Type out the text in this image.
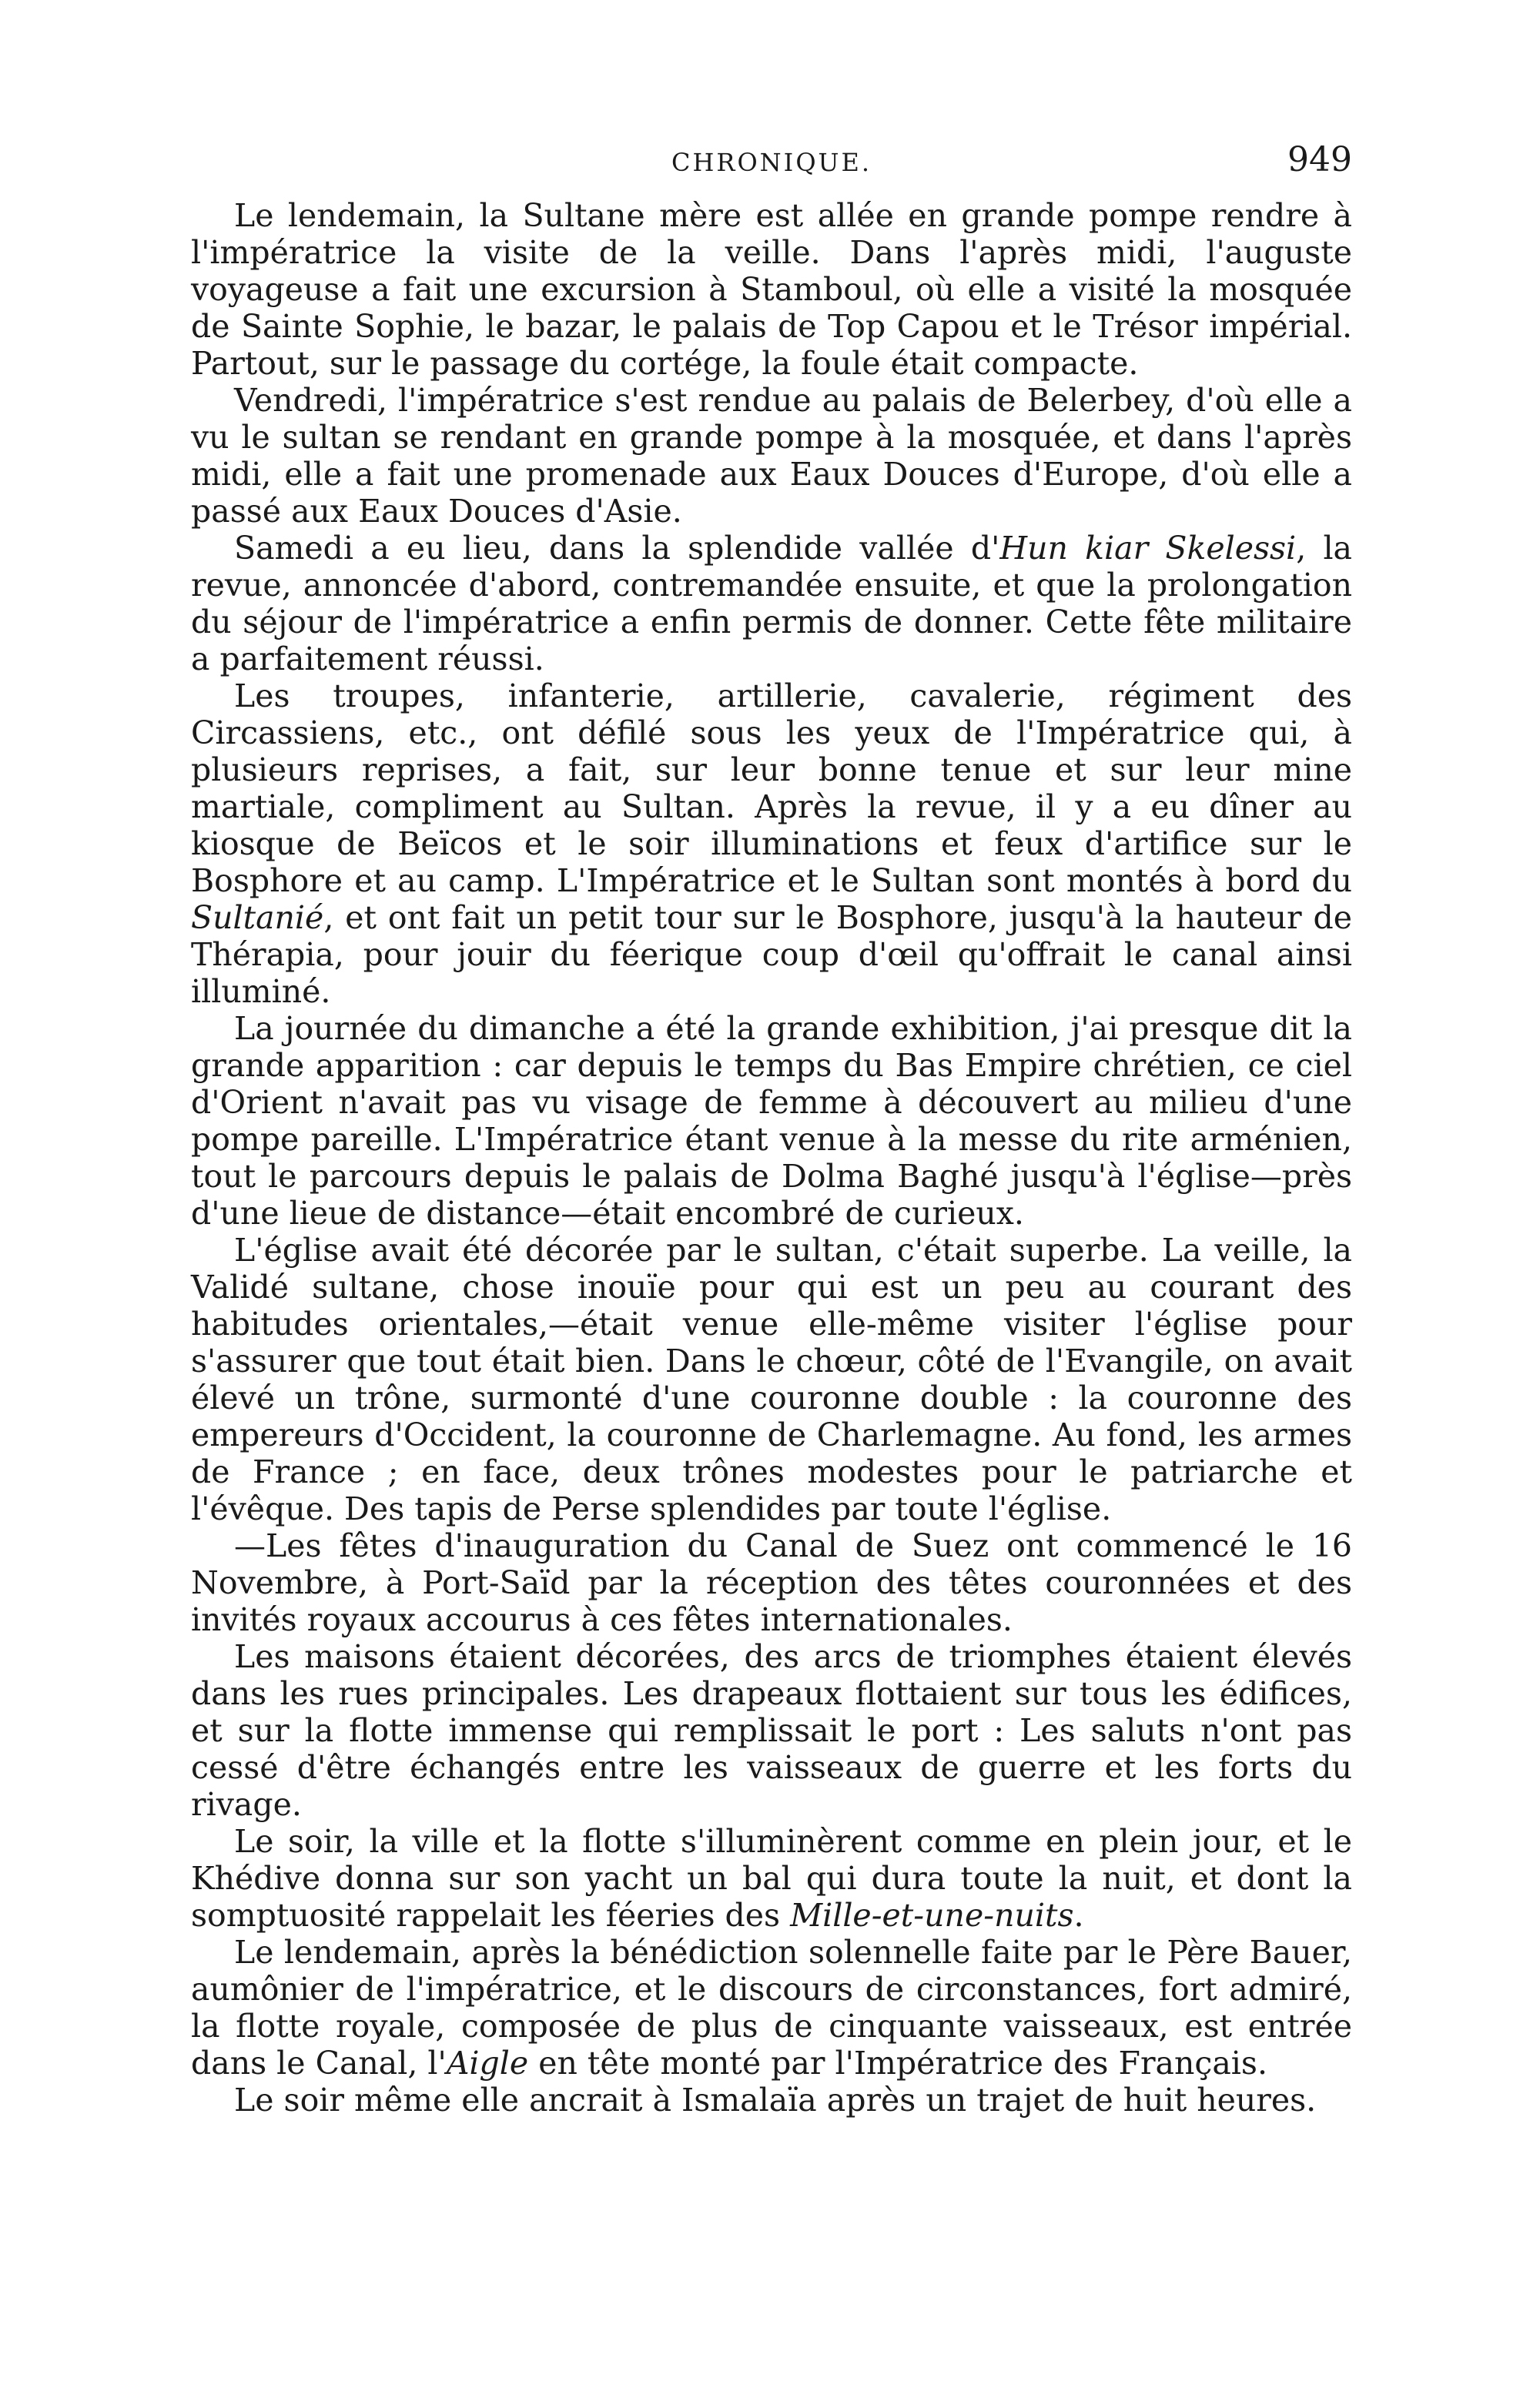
CHRONIQUE.	949

Le lendemain, la Sultane mère est allée en grande pompe rendre à l'impératrice la visite de la veille. Dans l'après midi, l'auguste voyageuse a fait une excursion à Stamboul, où elle a visité la mosquée de Sainte Sophie, le bazar, le palais de Top Capou et le Trésor impérial. Partout, sur le passage du cortége, la foule était compacte.

Vendredi, l'impératrice s'est rendue au palais de Belerbey, d'où elle a vu le sultan se rendant en grande pompe à la mosquée, et dans l'après midi, elle a fait une promenade aux Eaux Douces d'Europe, d'où elle a passé aux Eaux Douces d'Asie.

Samedi a eu lieu, dans la splendide vallée d'Hun kiar Skelessi, la revue, annoncée d'abord, contremandée ensuite, et que la prolongation du séjour de l'impératrice a enfin permis de donner. Cette fête militaire a parfaitement réussi.

Les troupes, infanterie, artillerie, cavalerie, régiment des Circassiens, etc., ont défilé sous les yeux de l'Impératrice qui, à plusieurs reprises, a fait, sur leur bonne tenue et sur leur mine martiale, compliment au Sultan. Après la revue, il y a eu dîner au kiosque de Beïcos et le soir illuminations et feux d'artifice sur le Bosphore et au camp. L'Impératrice et le Sultan sont montés à bord du Sultanié, et ont fait un petit tour sur le Bosphore, jusqu'à la hauteur de Thérapia, pour jouir du féerique coup d'œil qu'offrait le canal ainsi illuminé.

La journée du dimanche a été la grande exhibition, j'ai presque dit la grande apparition : car depuis le temps du Bas Empire chrétien, ce ciel d'Orient n'avait pas vu visage de femme à découvert au milieu d'une pompe pareille. L'Impératrice étant venue à la messe du rite arménien, tout le parcours depuis le palais de Dolma Baghé jusqu'à l'église—près d'une lieue de distance—était encombré de curieux.

L'église avait été décorée par le sultan, c'était superbe. La veille, la Validé sultane, chose inouïe pour qui est un peu au courant des habitudes orientales,—était venue elle-même visiter l'église pour s'assurer que tout était bien. Dans le chœur, côté de l'Evangile, on avait élevé un trône, surmonté d'une couronne double : la couronne des empereurs d'Occident, la couronne de Charlemagne. Au fond, les armes de France ; en face, deux trônes modestes pour le patriarche et l'évêque. Des tapis de Perse splendides par toute l'église.

—Les fêtes d'inauguration du Canal de Suez ont commencé le 16 Novembre, à Port-Saïd par la réception des têtes couronnées et des invités royaux accourus à ces fêtes internationales.

Les maisons étaient décorées, des arcs de triomphes étaient élevés dans les rues principales. Les drapeaux flottaient sur tous les édifices, et sur la flotte immense qui remplissait le port : Les saluts n'ont pas cessé d'être échangés entre les vaisseaux de guerre et les forts du rivage.

Le soir, la ville et la flotte s'illuminèrent comme en plein jour, et le Khédive donna sur son yacht un bal qui dura toute la nuit, et dont la somptuosité rappelait les féeries des Mille-et-une-nuits.

Le lendemain, après la bénédiction solennelle faite par le Père Bauer, aumônier de l'impératrice, et le discours de circonstances, fort admiré, la flotte royale, composée de plus de cinquante vaisseaux, est entrée dans le Canal, l'Aigle en tête monté par l'Impératrice des Français.

Le soir même elle ancrait à Ismalaïa après un trajet de huit heures.
